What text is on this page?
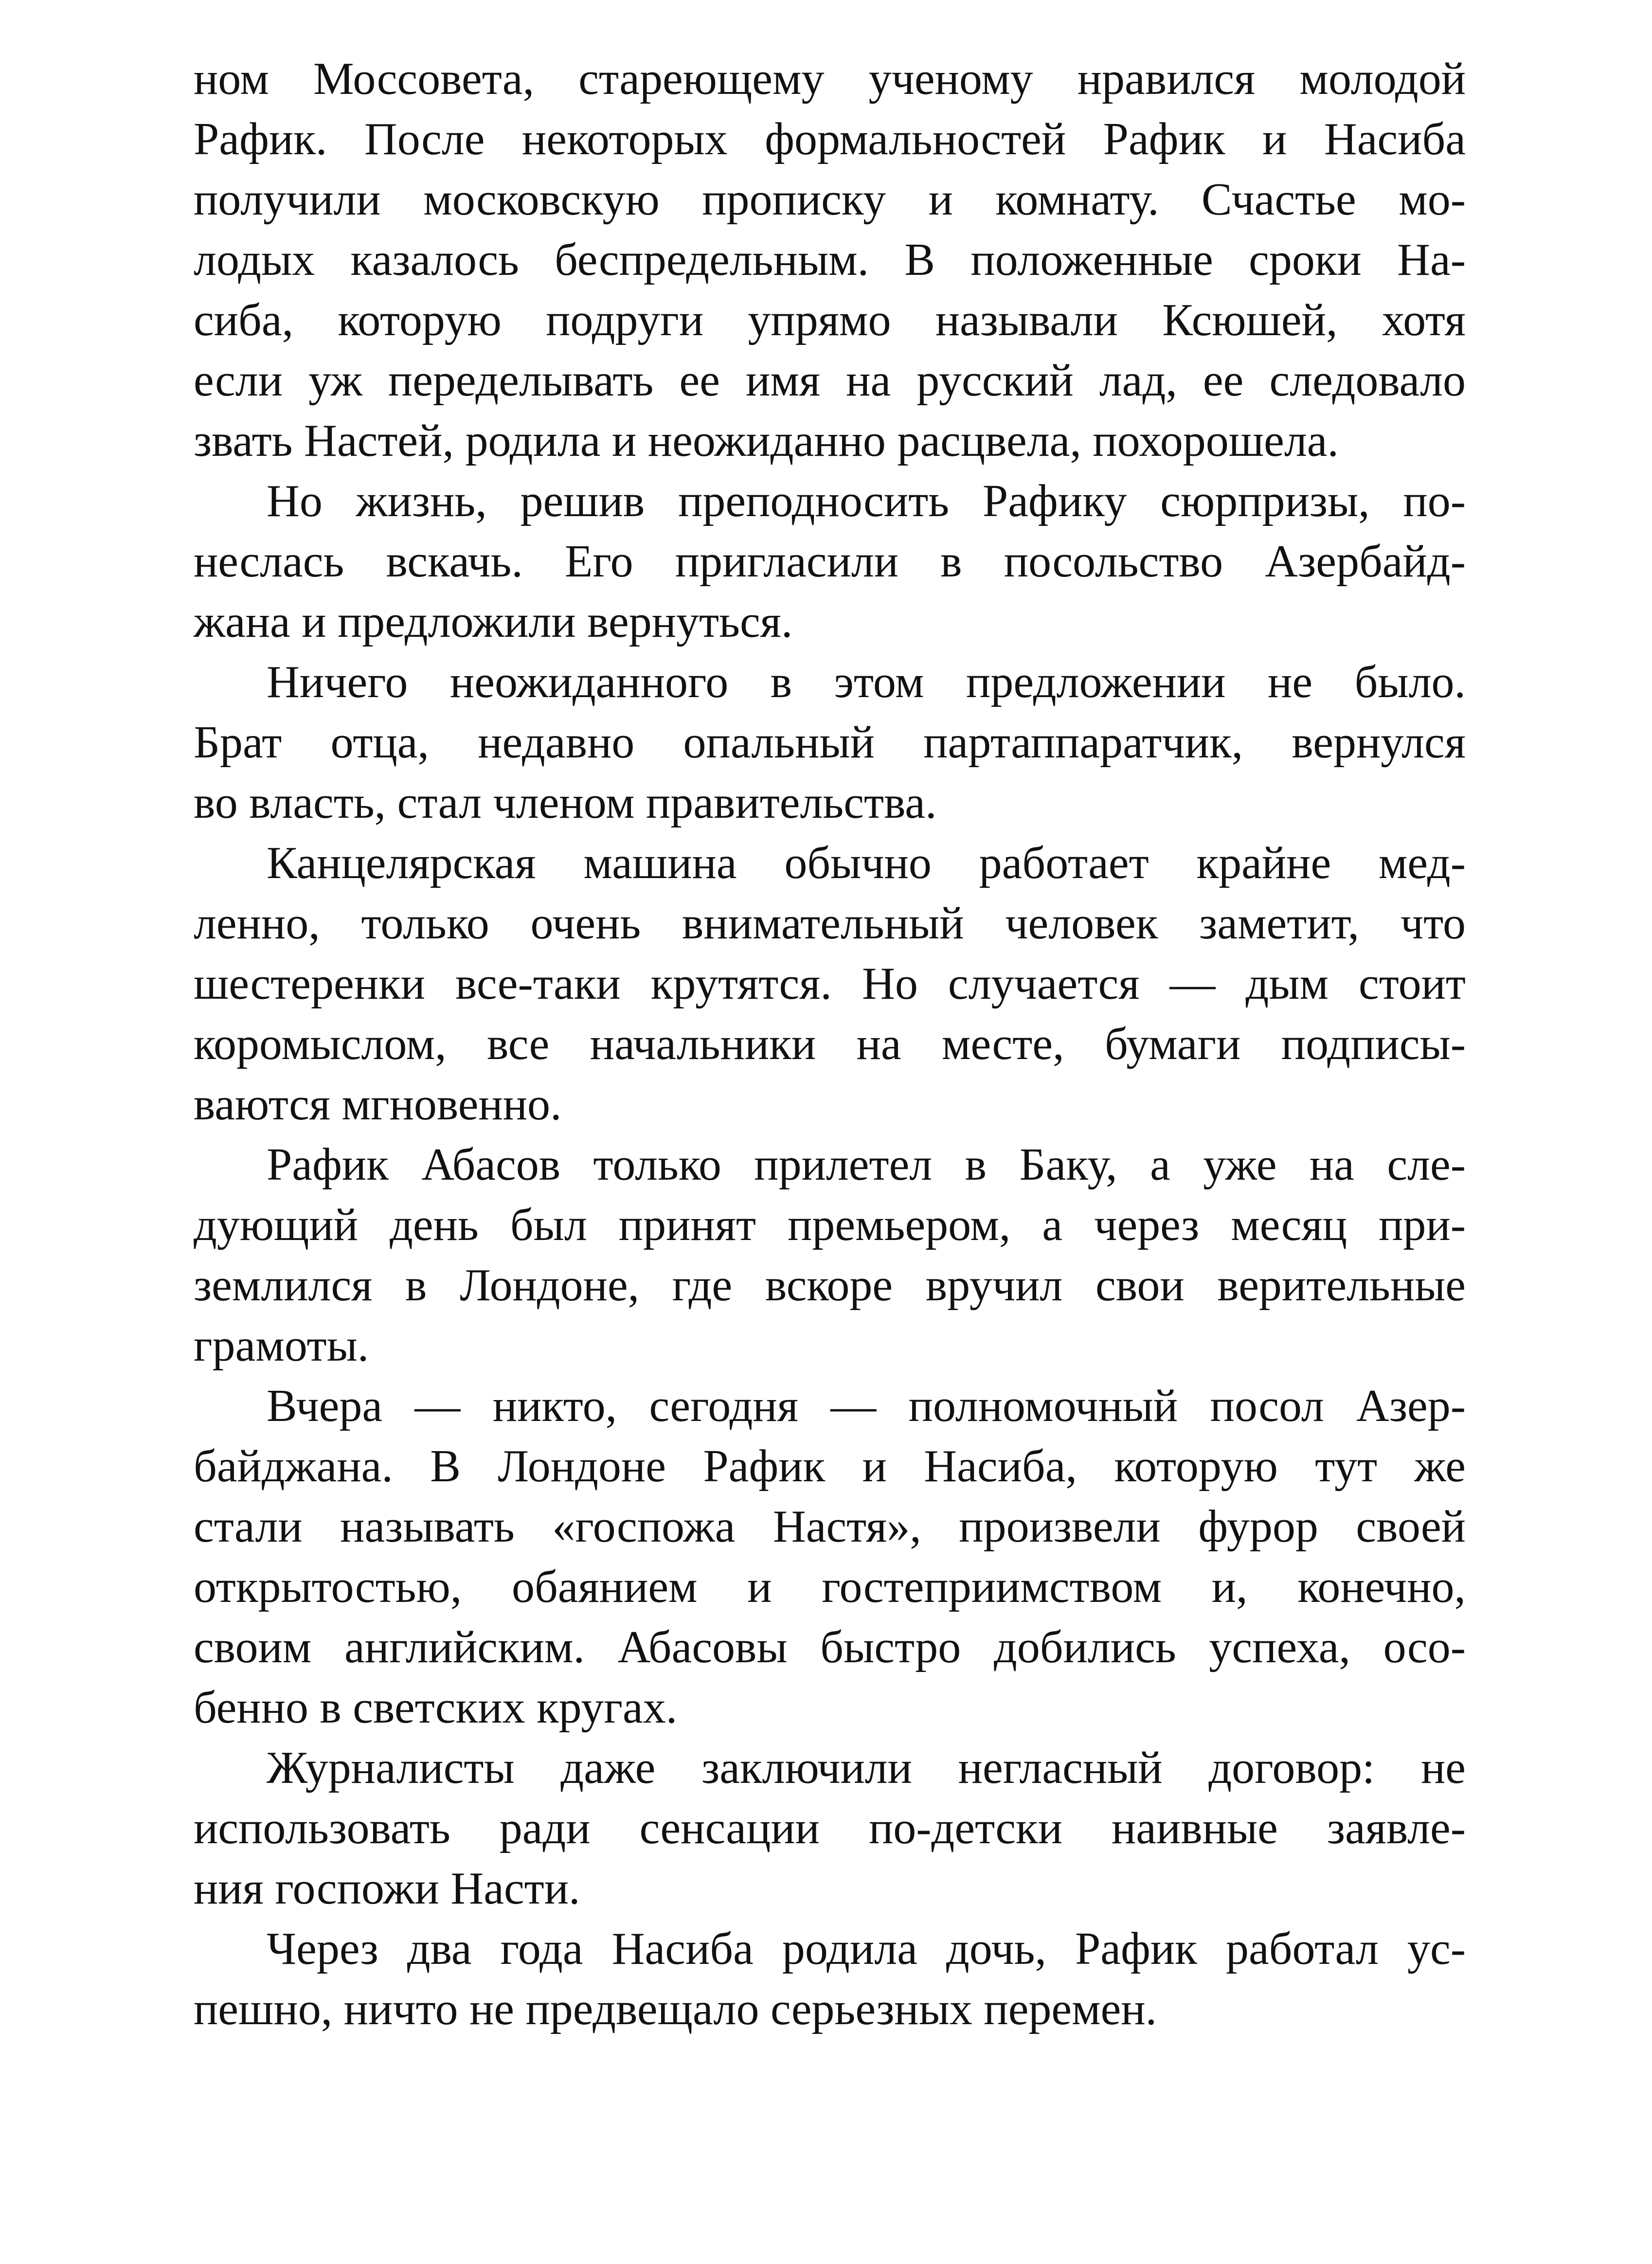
ном Моссовета, стареющему ученому нравился молодой
Рафик. После некоторых формальностей Рафик и Насиба
получили московскую прописку и комнату. Счастье мо-
лодых казалось беспредельным. В положенные сроки На-
сиба, которую подруги упрямо называли Ксюшей, хотя
если уж переделывать ее имя на русский лад, ее следовало
звать Настей, родила и неожиданно расцвела, похорошела.
Но жизнь, решив преподносить Рафику сюрпризы, по-
неслась вскачь. Его пригласили в посольство Азербайд-
жана и предложили вернуться.
Ничего неожиданного в этом предложении не было.
Брат отца, недавно опальный партаппаратчик, вернулся
во власть, стал членом правительства.
Канцелярская машина обычно работает крайне мед-
ленно, только очень внимательный человек заметит, что
шестеренки все-таки крутятся. Но случается — дым стоит
коромыслом, все начальники на месте, бумаги подписы-
ваются мгновенно.
Рафик Абасов только прилетел в Баку, а уже на сле-
дующий день был принят премьером, а через месяц при-
землился в Лондоне, где вскоре вручил свои верительные
грамоты.
Вчера — никто, сегодня — полномочный посол Азер-
байджана. В Лондоне Рафик и Насиба, которую тут же
стали называть «госпожа Настя», произвели фурор своей
открытостью, обаянием и гостеприимством и, конечно,
своим английским. Абасовы быстро добились успеха, осо-
бенно в светских кругах.
Журналисты даже заключили негласный договор: не
использовать ради сенсации по-детски наивные заявле-
ния госпожи Насти.
Через два года Насиба родила дочь, Рафик работал ус-
пешно, ничто не предвещало серьезных перемен.
